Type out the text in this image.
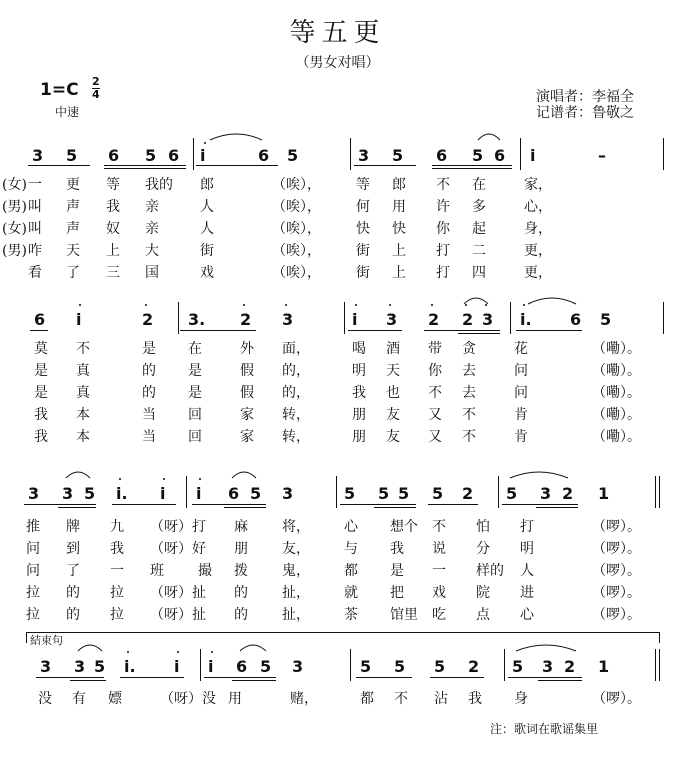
等五更
（男女对唱）
1=C 2
4
中速
演唱者：李福全
记谱者：鲁敬之
3 5 6 5 6 i	6 5	3 5 6 5 6 i	–
(女) 一 更 等 我的 郎	（唉），	等 郎 不 在	家，
(男) 叫 声 我 亲	人	（唉），	何 用 许 多	心，
(女) 叫 声 奴 亲	人	（唉），	快 快 你 起	身，
(男) 咋 天 上 大	街	（唉），	街 上 打 二	更，
看 了 三 国	戏	（唉），	街 上 打 四	更，
6 i	2 3. 2 3	i 3 2 2 3 i. 6 5
莫 不	是 在	外 面，	喝 酒 带 贪	花	（嘞）。
是 真	的 是	假 的，	明 天 你 去	问	（嘞）。
是 真	的 是	假 的，	我 也 不 去	问	（嘞）。
我 本	当 回	家 转，	朋 友 又 不	肯	（嘞）。
我 本	当 回	家 转，	朋 友 又 不	肯	（嘞）。
3 3 5 i. i i 6 5 3	5 5 5 5 2 5 3 2 1
推 牌 九 （呀）打 麻 将， 心 想个 不 怕 打	（啰）。
问 到 我 （呀）好 朋 友， 与 我 说 分 明	（啰）。
问 了 一 班 撮 拨 鬼， 都 是 一 样的 人	（啰）。
拉 的 拉 （呀）扯 的 扯， 就 把 戏 院 进	（啰）。
拉 的 拉 （呀）扯 的 扯， 茶 馆里 吃 点 心	（啰）。
3 3 5 i. i i 6 5 3	5 5 5 2 5 3 2 1
没 有 嫖	（呀）没 用	赌，	都 不 沾 我 身	（啰）。
結束句
注：歌词在歌谣集里
